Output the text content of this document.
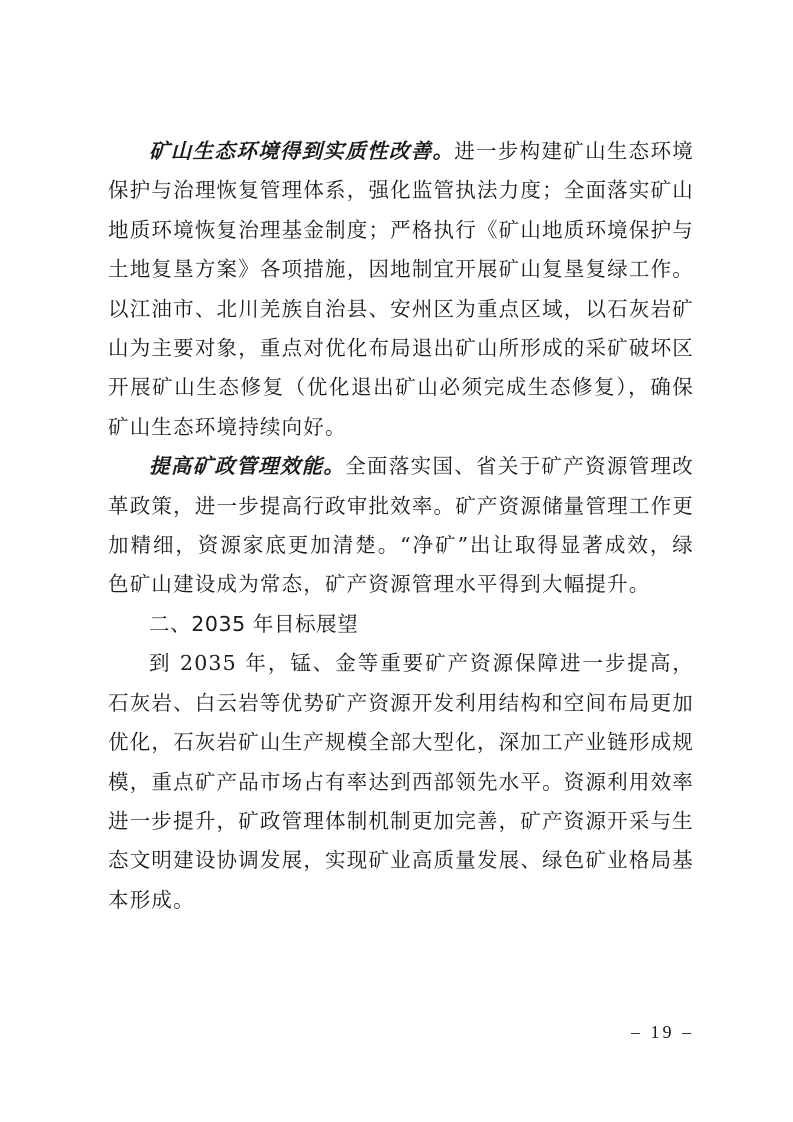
矿山生态环境得到实质性改善。进一步构建矿山生态环境保护与治理恢复管理体系，强化监管执法力度；全面落实矿山地质环境恢复治理基金制度；严格执行《矿山地质环境保护与土地复垦方案》各项措施，因地制宜开展矿山复垦复绿工作。以江油市、北川羌族自治县、安州区为重点区域，以石灰岩矿山为主要对象，重点对优化布局退出矿山所形成的采矿破坏区开展矿山生态修复（优化退出矿山必须完成生态修复），确保矿山生态环境持续向好。

提高矿政管理效能。全面落实国、省关于矿产资源管理改革政策，进一步提高行政审批效率。矿产资源储量管理工作更加精细，资源家底更加清楚。“净矿”出让取得显著成效，绿色矿山建设成为常态，矿产资源管理水平得到大幅提升。

二、2035 年目标展望

到 2035 年，锰、金等重要矿产资源保障进一步提高，石灰岩、白云岩等优势矿产资源开发利用结构和空间布局更加优化，石灰岩矿山生产规模全部大型化，深加工产业链形成规模，重点矿产品市场占有率达到西部领先水平。资源利用效率进一步提升，矿政管理体制机制更加完善，矿产资源开采与生态文明建设协调发展，实现矿业高质量发展、绿色矿业格局基本形成。

– 19 –
